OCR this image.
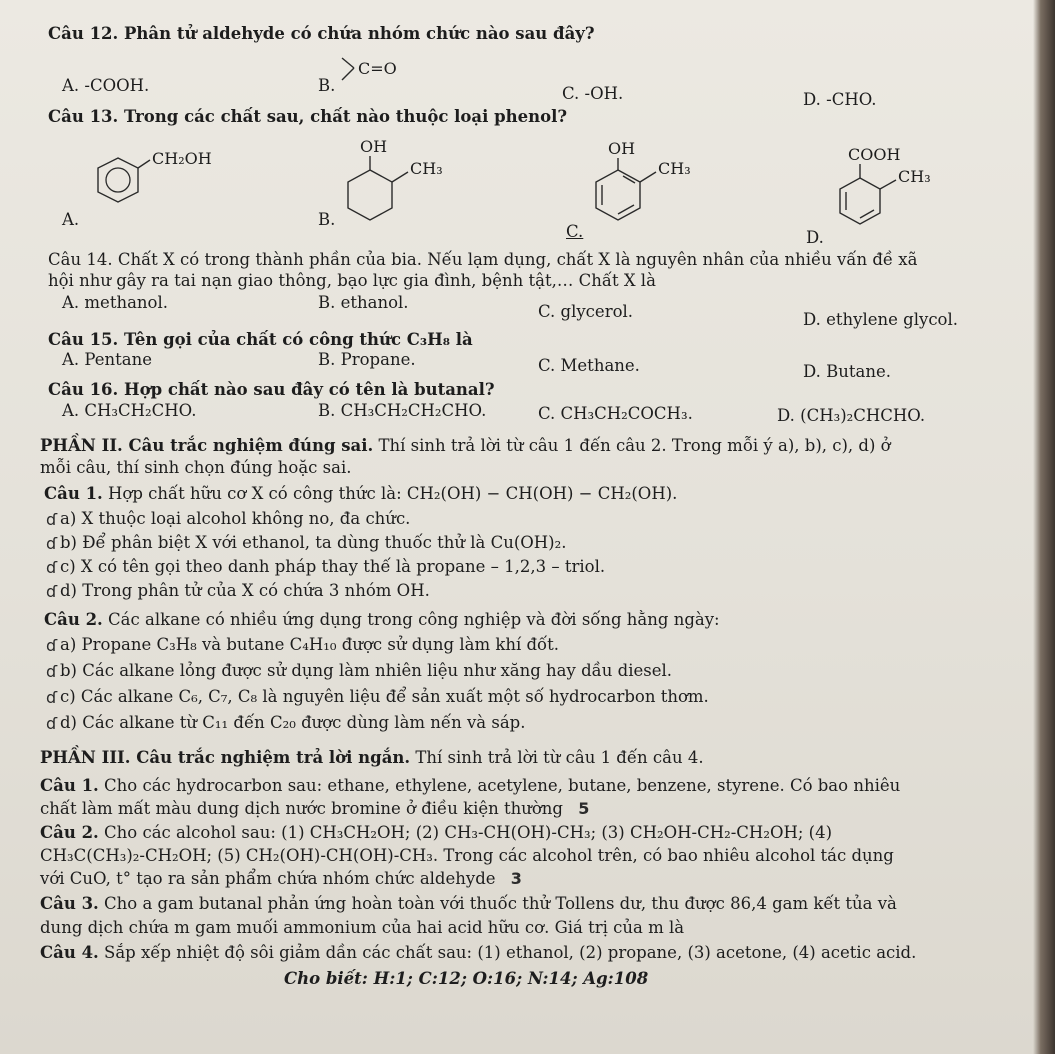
Câu 12. Phân tử aldehyde có chứa nhóm chức nào sau đây?
A. -COOH.	B.
C=O
C. -OH.	D. -CHO.
Câu 13. Trong các chất sau, chất nào thuộc loại phenol?
A.
CH₂OH
B.
OH
CH₃
C.
OH
CH₃
D.
COOH
CH₃
Câu 14. Chất X có trong thành phần của bia. Nếu lạm dụng, chất X là nguyên nhân của nhiều vấn đề xã
hội như gây ra tai nạn giao thông, bạo lực gia đình, bệnh tật,… Chất X là
A. methanol.	B. ethanol.	C. glycerol.	D. ethylene glycol.
Câu 15. Tên gọi của chất có công thức C₃H₈ là
A. Pentane	B. Propane.	C. Methane.	D. Butane.
Câu 16. Hợp chất nào sau đây có tên là butanal?
A. CH₃CH₂CHO.	B. CH₃CH₂CH₂CHO.	C. CH₃CH₂COCH₃.	D. (CH₃)₂CHCHO.
PHẦN II. Câu trắc nghiệm đúng sai. Thí sinh trả lời từ câu 1 đến câu 2. Trong mỗi ý a), b), c), d) ở
mỗi câu, thí sinh chọn đúng hoặc sai.
Câu 1. Hợp chất hữu cơ X có công thức là: CH₂(OH) − CH(OH) − CH₂(OH).
ɗ a) X thuộc loại alcohol không no, đa chức.
ɗ b) Để phân biệt X với ethanol, ta dùng thuốc thử là Cu(OH)₂.
ɗ c) X có tên gọi theo danh pháp thay thế là propane – 1,2,3 – triol.
ɗ d) Trong phân tử của X có chứa 3 nhóm OH.
Câu 2. Các alkane có nhiều ứng dụng trong công nghiệp và đời sống hằng ngày:
ɗ a) Propane C₃H₈ và butane C₄H₁₀ được sử dụng làm khí đốt.
ɗ b) Các alkane lỏng được sử dụng làm nhiên liệu như xăng hay dầu diesel.
ɗ c) Các alkane C₆, C₇, C₈ là nguyên liệu để sản xuất một số hydrocarbon thơm.
ɗ d) Các alkane từ C₁₁ đến C₂₀ được dùng làm nến và sáp.
PHẦN III. Câu trắc nghiệm trả lời ngắn. Thí sinh trả lời từ câu 1 đến câu 4.
Câu 1. Cho các hydrocarbon sau: ethane, ethylene, acetylene, butane, benzene, styrene. Có bao nhiêu
chất làm mất màu dung dịch nước bromine ở điều kiện thường 5
Câu 2. Cho các alcohol sau: (1) CH₃CH₂OH; (2) CH₃-CH(OH)-CH₃; (3) CH₂OH-CH₂-CH₂OH; (4)
CH₃C(CH₃)₂-CH₂OH; (5) CH₂(OH)-CH(OH)-CH₃. Trong các alcohol trên, có bao nhiêu alcohol tác dụng
với CuO, t° tạo ra sản phẩm chứa nhóm chức aldehyde 3
Câu 3. Cho a gam butanal phản ứng hoàn toàn với thuốc thử Tollens dư, thu được 86,4 gam kết tủa và
dung dịch chứa m gam muối ammonium của hai acid hữu cơ. Giá trị của m là
Câu 4. Sắp xếp nhiệt độ sôi giảm dần các chất sau: (1) ethanol, (2) propane, (3) acetone, (4) acetic acid.
Cho biết: H:1; C:12; O:16; N:14; Ag:108
